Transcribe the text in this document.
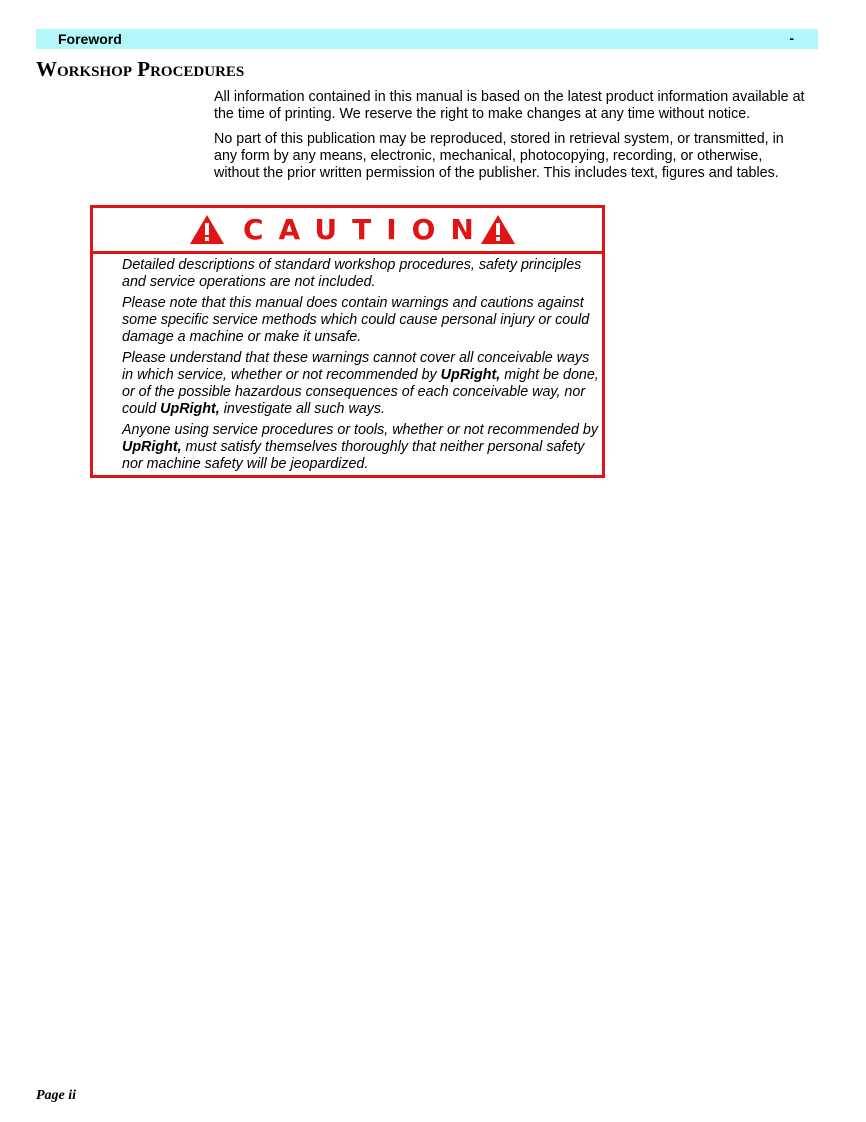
Foreword	-
Workshop Procedures

All information contained in this manual is based on the latest product information available at the time of printing. We reserve the right to make changes at any time without notice.

No part of this publication may be reproduced, stored in retrieval system, or transmitted, in any form by any means, electronic, mechanical, photocopying, recording, or otherwise, without the prior written permission of the publisher. This includes text, figures and tables.

CAUTION

Detailed descriptions of standard workshop procedures, safety principles and service operations are not included.

Please note that this manual does contain warnings and cautions against some specific service methods which could cause personal injury or could damage a machine or make it unsafe.

Please understand that these warnings cannot cover all conceivable ways in which service, whether or not recommended by UpRight, might be done, or of the possible hazardous consequences of each conceivable way, nor could UpRight, investigate all such ways.

Anyone using service procedures or tools, whether or not recommended by UpRight, must satisfy themselves thoroughly that neither personal safety nor machine safety will be jeopardized.

Page ii
